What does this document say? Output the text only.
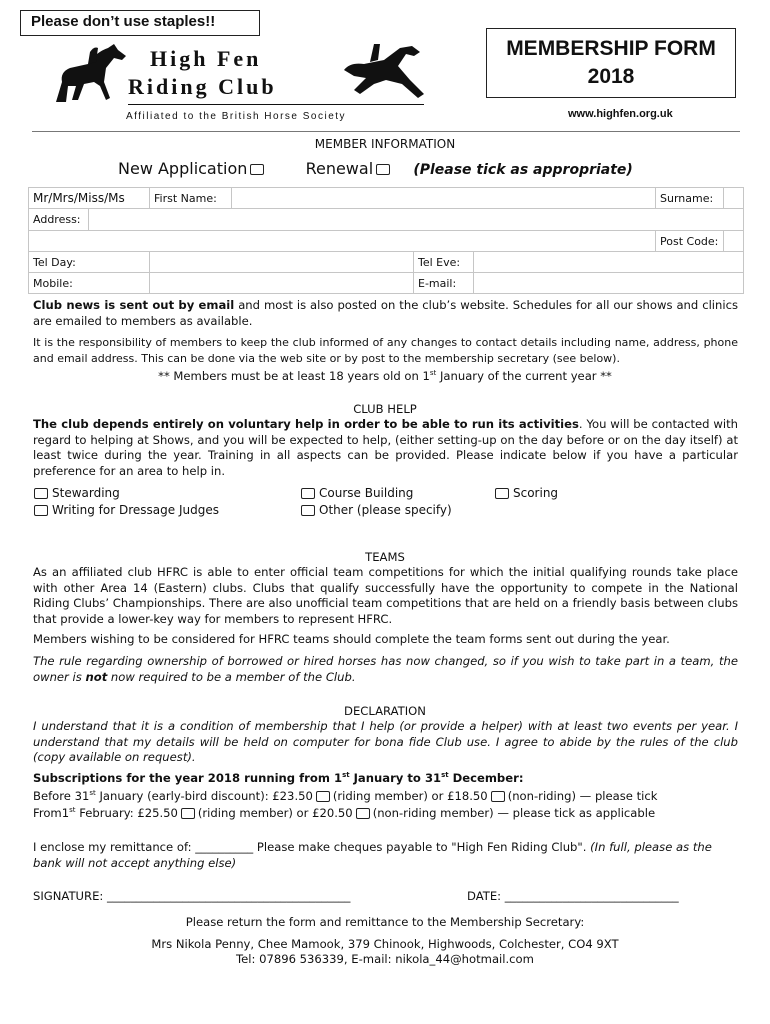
Please don’t use staples!!
High Fen
Riding Club
Affiliated to the British Horse Society
MEMBERSHIP FORM
2018
www.highfen.org.uk
MEMBER INFORMATION
New Application	Renewal	(Please tick as appropriate)
Mr/Mrs/Miss/Ms	First Name:				Surname:	

Address:						

					Post Code:	
Tel Day:			Tel Eve:			
Mobile:			E-mail:			
Club news is sent out by email and most is also posted on the club’s website. Schedules for all our shows and clinics are emailed to members as available.
It is the responsibility of members to keep the club informed of any changes to contact details including name, address, phone and email address. This can be done via the web site or by post to the membership secretary (see below).
** Members must be at least 18 years old on 1st January of the current year **
CLUB HELP
The club depends entirely on voluntary help in order to be able to run its activities. You will be contacted with regard to helping at Shows, and you will be expected to help, (either setting-up on the day before or on the day itself) at least twice during the year. Training in all aspects can be provided. Please indicate below if you have a particular preference for an area to help in.
Stewarding	Course Building	Scoring
Writing for Dressage Judges	Other (please specify)
TEAMS
As an affiliated club HFRC is able to enter official team competitions for which the initial qualifying rounds take place with other Area 14 (Eastern) clubs. Clubs that qualify successfully have the opportunity to compete in the National Riding Clubs’ Championships. There are also unofficial team competitions that are held on a friendly basis between clubs that provide a lower-key way for members to represent HFRC.
Members wishing to be considered for HFRC teams should complete the team forms sent out during the year.
The rule regarding ownership of borrowed or hired horses has now changed, so if you wish to take part in a team, the owner is not now required to be a member of the Club.
DECLARATION
I understand that it is a condition of membership that I help (or provide a helper) with at least two events per year. I understand that my details will be held on computer for bona fide Club use. I agree to abide by the rules of the club (copy available on request).
Subscriptions for the year 2018 running from 1st January to 31st December:
Before 31st January (early-bird discount): £23.50 (riding member) or £18.50 (non-riding) — please tick
From1st February: £25.50 (riding member) or £20.50 (non-riding member) — please tick as applicable
I enclose my remittance of: __________ Please make cheques payable to "High Fen Riding Club". (In full, please as the bank will not accept anything else)
SIGNATURE: __________________________________________	DATE: ______________________________
Please return the form and remittance to the Membership Secretary:
Mrs Nikola Penny, Chee Mamook, 379 Chinook, Highwoods, Colchester, CO4 9XT
Tel: 07896 536339, E-mail: nikola_44@hotmail.com
